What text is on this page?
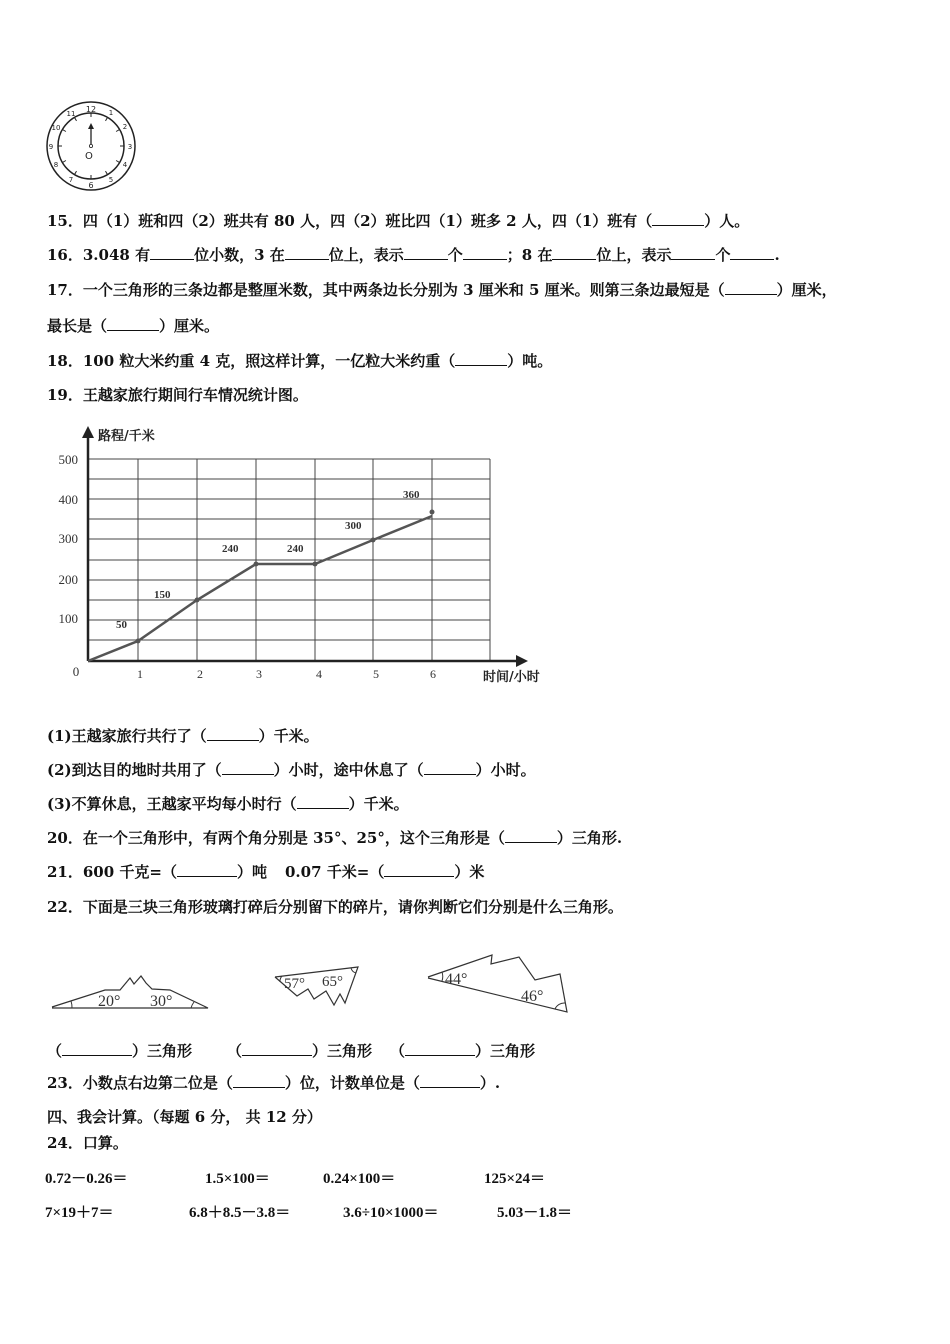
12 1
2
3
4
5
6
7
8
9
10
11
O
15．四（1）班和四（2）班共有 80 人，四（2）班比四（1）班多 2 人，四（1）班有（	）人。
16．3.048 有	位小数，3 在	位上，表示	个	；8 在	位上，表示	个	.
17．一个三角形的三条边都是整厘米数，其中两条边长分别为 3 厘米和 5 厘米。则第三条边最短是（	）厘米，
最长是（	）厘米。
18．100 粒大米约重 4 克，照这样计算，一亿粒大米约重（	）吨。
19．王越家旅行期间行车情况统计图。
50
150
240	240
300
360
100
200
300
400
500
0	1	2	3	4	5	6
路程/千米
时间/小时
(1)王越家旅行共行了（	）千米。
(2)到达目的地时共用了（	）小时，途中休息了（	）小时。
(3)不算休息，王越家平均每小时行（	）千米。
20．在一个三角形中，有两个角分别是 35°、25°，这个三角形是（	）三角形.
21．600 千克=（	）吨 0.07 千米=（	）米
22．下面是三块三角形玻璃打碎后分别留下的碎片，请你判断它们分别是什么三角形。
20° 30°
57° 65°	44°
46°
（	）三角形 （	）三角形 （	）三角形
23．小数点右边第二位是（	）位，计数单位是（	）.
四、我会计算。（每题 6 分， 共 12 分）
24．口算。
0.72－0.26＝	1.5×100＝	0.24×100＝	125×24＝
7×19＋7＝	6.8＋8.5－3.8＝	3.6÷10×1000＝	5.03－1.8＝
